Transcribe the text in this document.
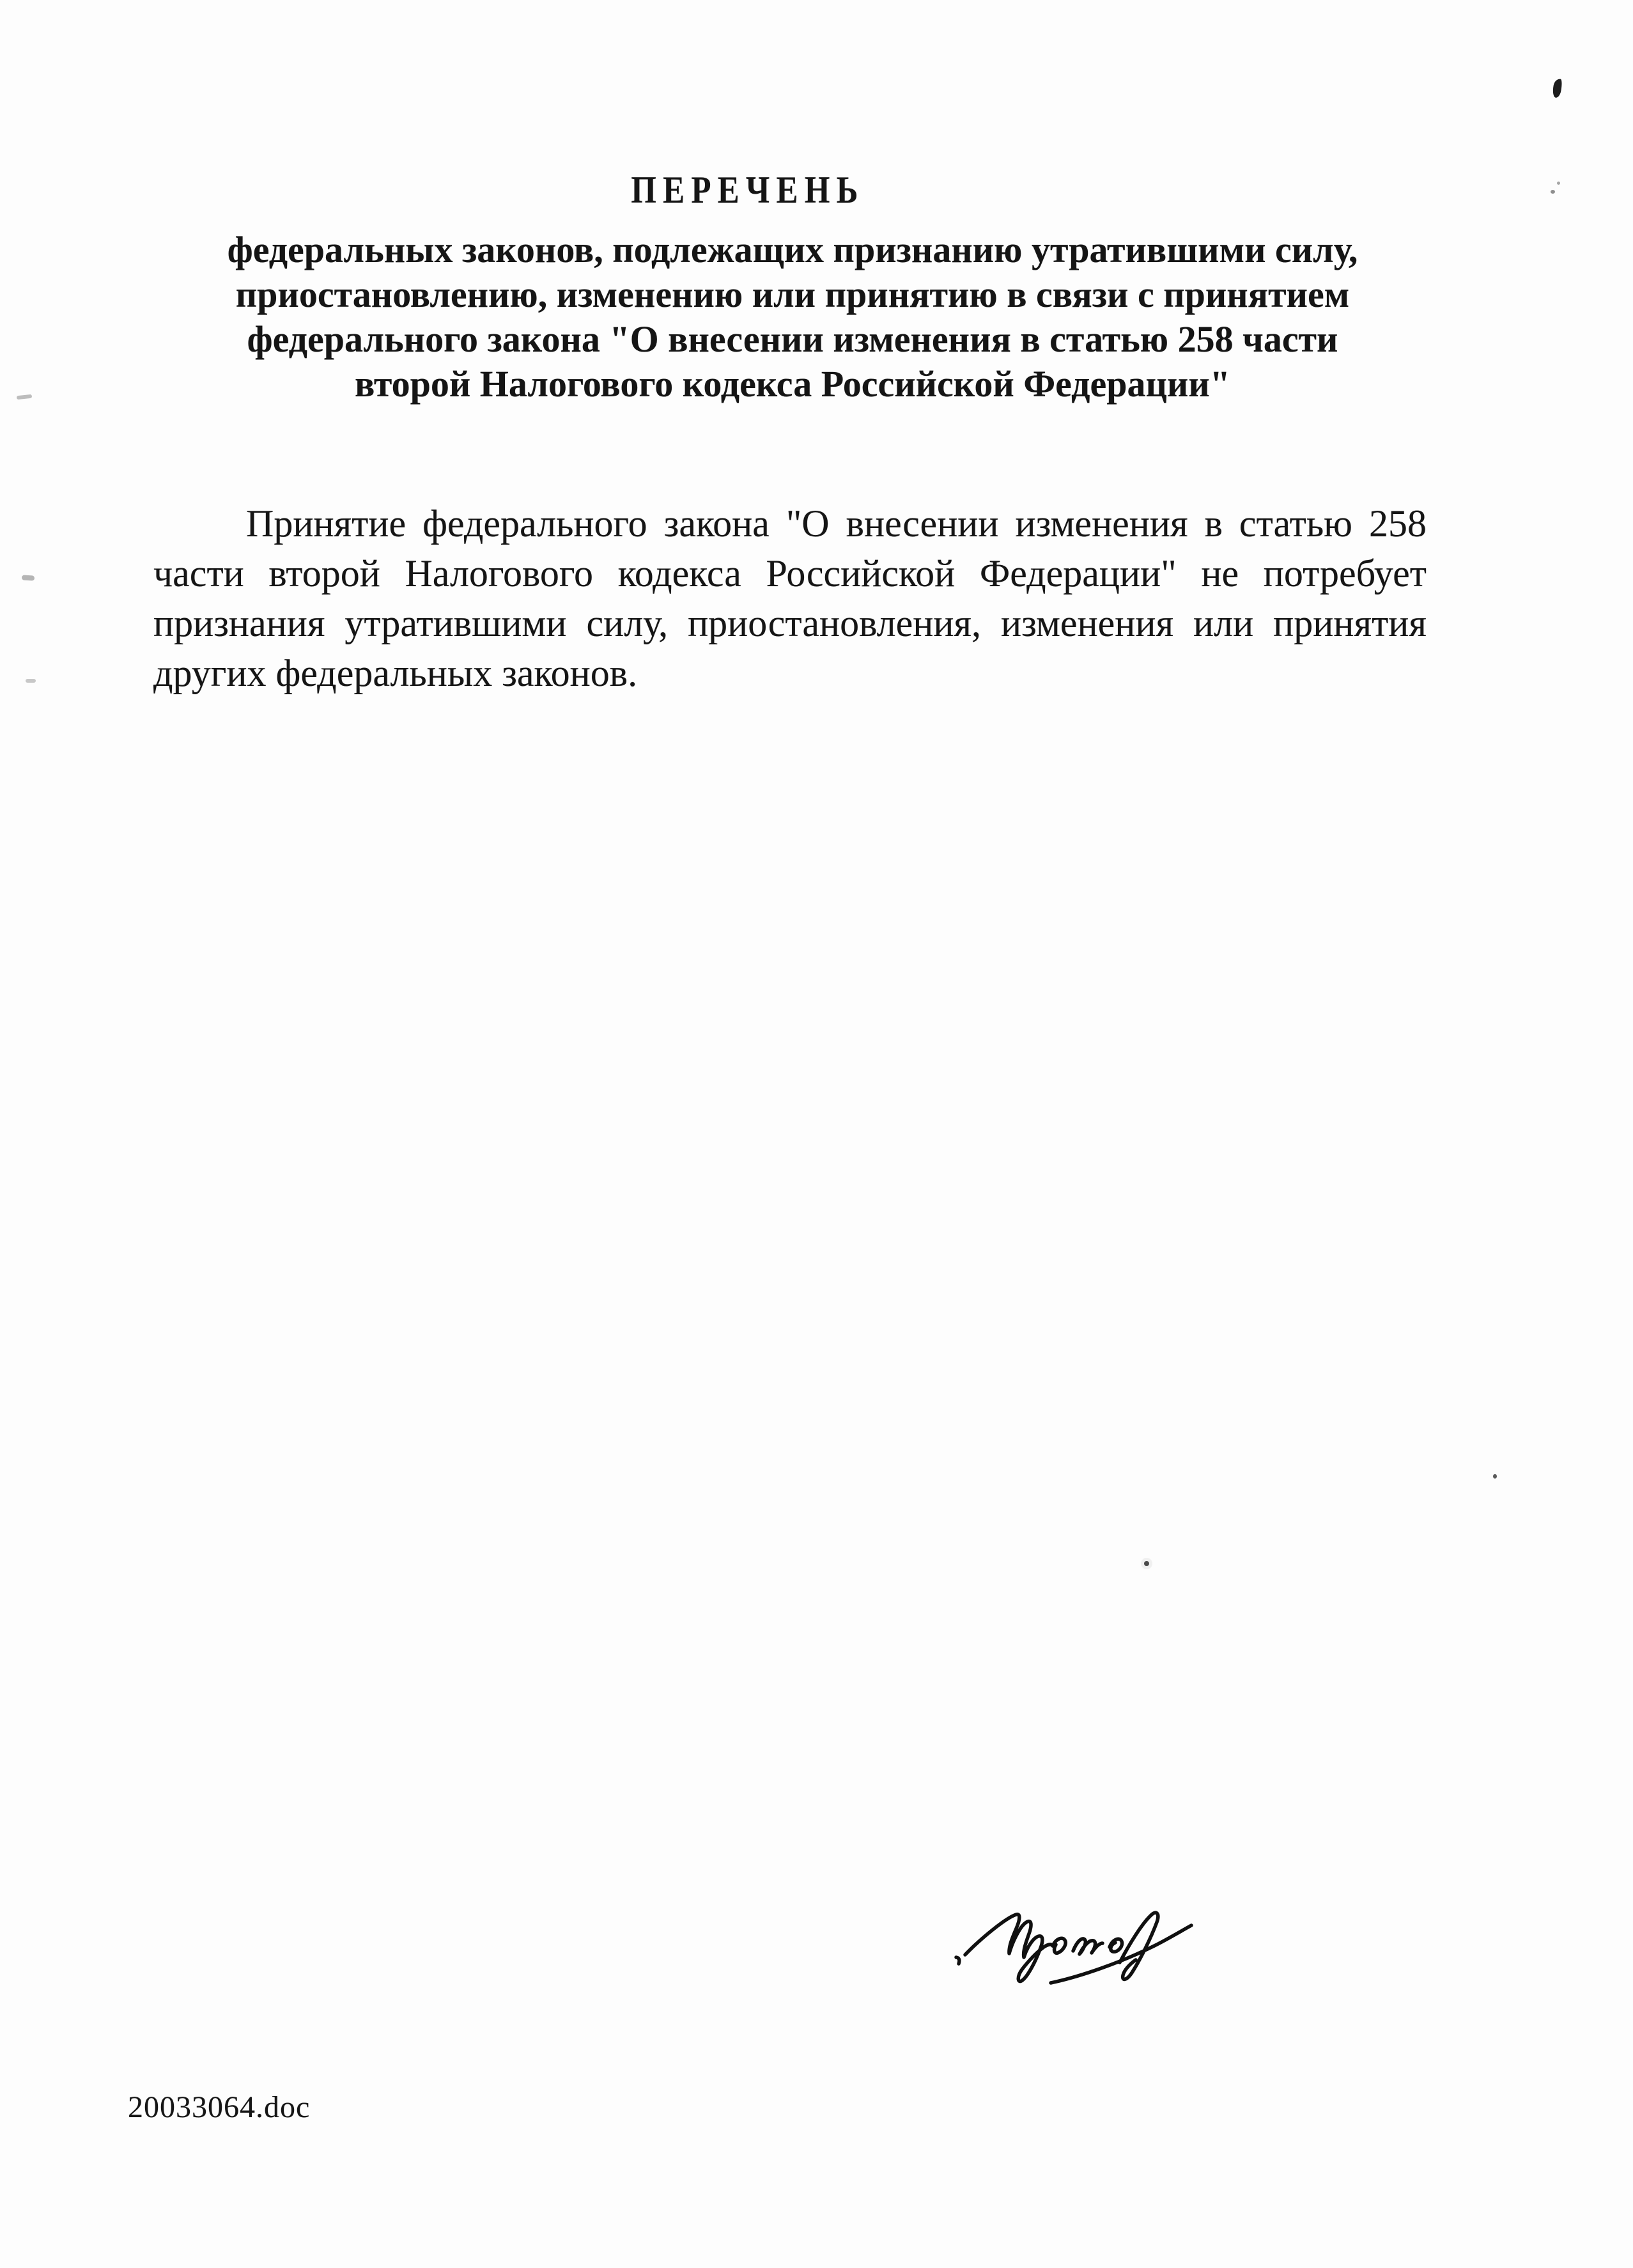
ПЕРЕЧЕНЬ
федеральных законов, подлежащих признанию утратившими силу,
приостановлению, изменению или принятию в связи с принятием
федерального закона "О внесении изменения в статью 258 части
второй Налогового кодекса Российской Федерации"
Принятие федерального закона "О внесении изменения в статью 258
части второй Налогового кодекса Российской Федерации" не потребует
признания утратившими силу, приостановления, изменения или принятия
других федеральных законов.
20033064.doc
